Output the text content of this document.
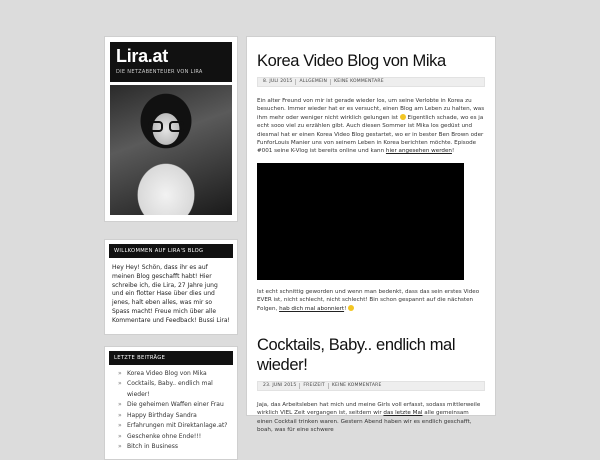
Lira.at
DIE NETZABENTEUER VON LIRA
WILLKOMMEN AUF LIRA'S BLOG
Hey Hey! Schön, dass ihr es auf meinen Blog geschafft habt! Hier schreibe ich, die Lira, 27 Jahre jung und ein flotter Hase über dies und jenes, halt eben alles, was mir so Spass macht! Freue mich über alle Kommentare und Feedback! Bussi Lira!
LETZTE BEITRÄGE
» Korea Video Blog von Mika
» Cocktails, Baby.. endlich mal wieder!
» Die geheimen Waffen einer Frau
» Happy Birthday Sandra
» Erfahrungen mit Direktanlage.at?
» Geschenke ohne Ende!!!
» Bitch in Business
Korea Video Blog von Mika
8. JULI 2015	ALLGEMEIN	KEINE KOMMENTARE

Ein alter Freund von mir ist gerade wieder los, um seine Verlobte in Korea zu besuchen. Immer wieder hat er es versucht, einen Blog am Leben zu halten, was ihm mehr oder weniger nicht wirklich gelungen ist  Eigentlich schade, wo es ja echt sooo viel zu erzählen gibt. Auch diesen Sommer ist Mika los gedüst und diesmal hat er einen Korea Video Blog gestartet, wo er in bester Ben Brown oder FunforLouis Manier uns von seinem Leben in Korea berichten möchte. Episode #001 seine K-Vlog ist bereits online und kann hier angesehen werden!

Ist echt schnittig geworden und wenn man bedenkt, dass das sein erstes Video EVER ist, nicht schlecht, nicht schlecht! Bin schon gespannt auf die nächsten Folgen, hab dich mal abonniert!

Cocktails, Baby.. endlich mal wieder!
23. JUNI 2015	FREIZEIT	KEINE KOMMENTARE

Jaja, das Arbeitsleben hat mich und meine Girls voll erfasst, sodass mittlerweile wirklich VIEL Zeit vergangen ist, seitdem wir das letzte Mal alle gemeinsam einen Cocktail trinken waren. Gestern Abend haben wir es endlich geschafft, boah, was für eine schwere
